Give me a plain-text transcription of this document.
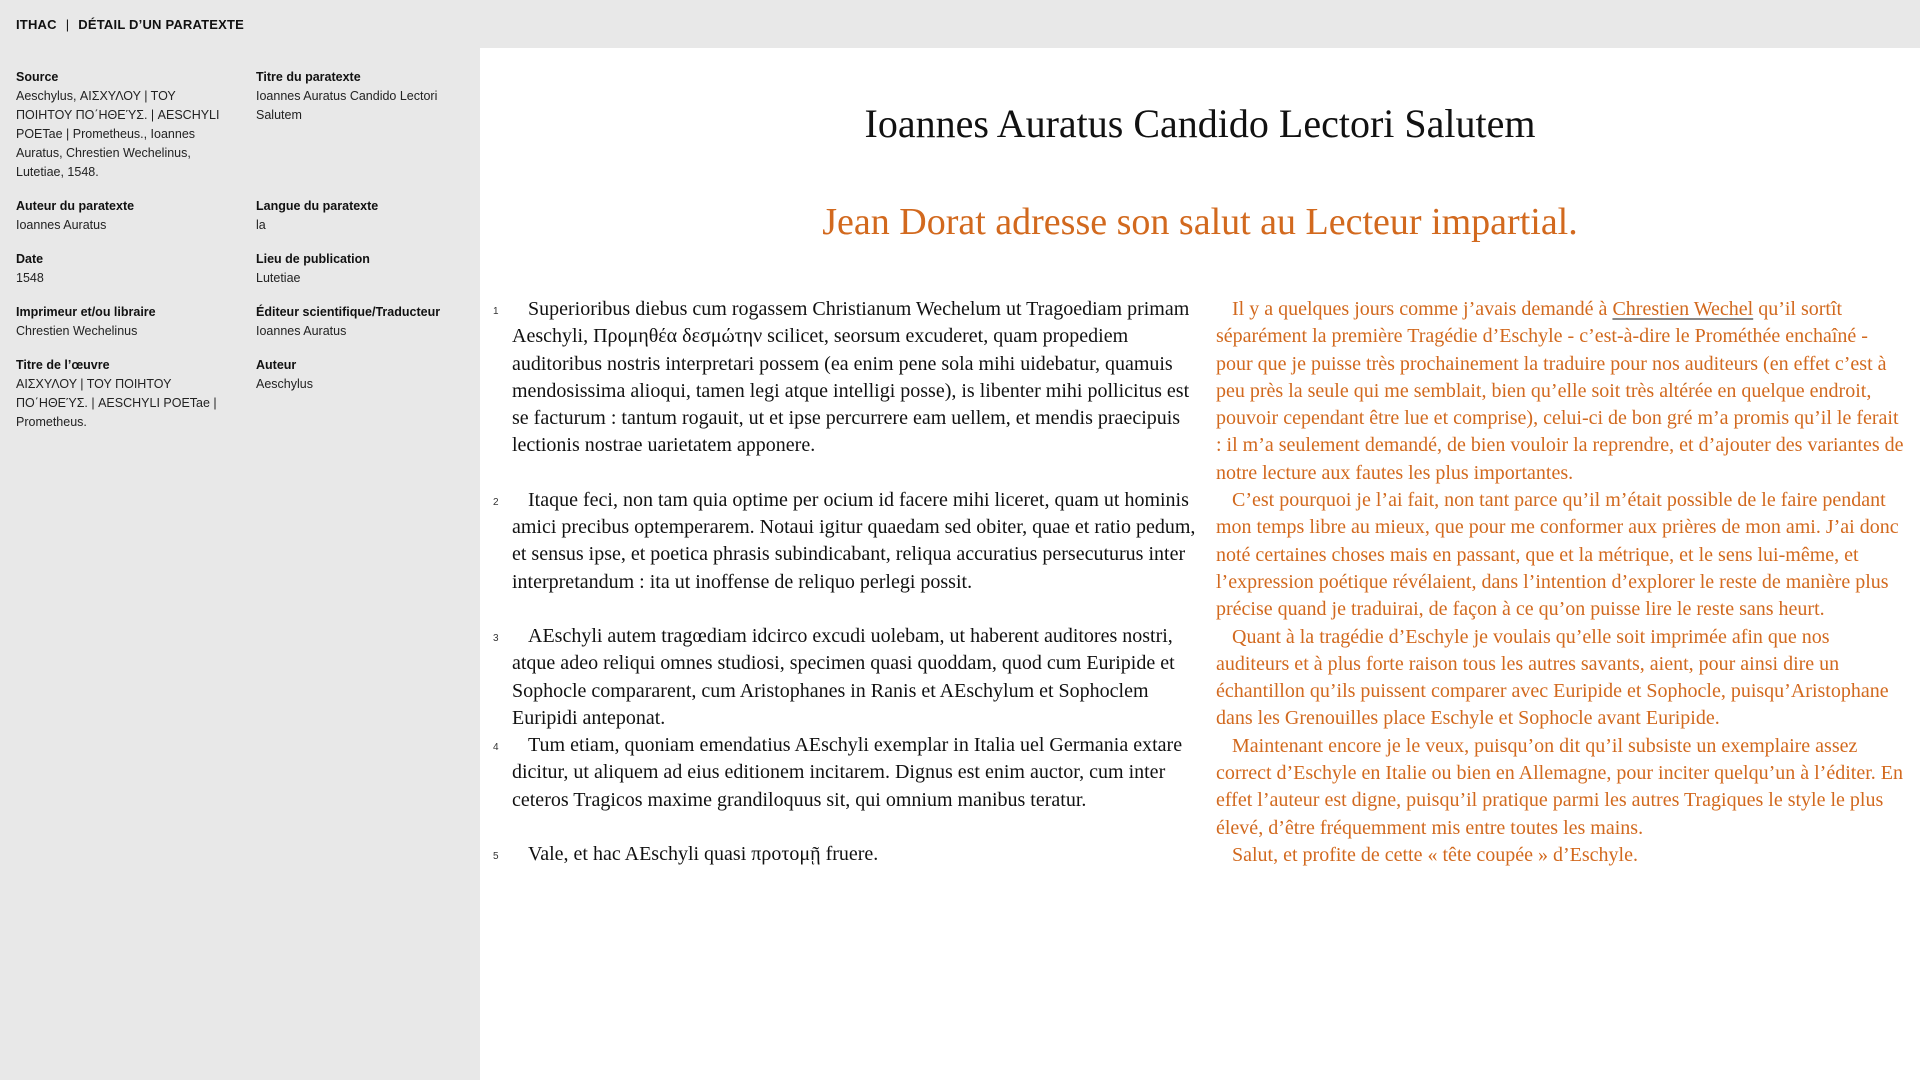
ITHAC | DÉTAIL D’UN PARATEXTE
Source
Aeschylus, ΑΙΣΧΥΛΟΥ | ΤΟΥ ΠΟΙΗΤΟΥ ΠΟ΄ΗΘΕΎΣ. | AESCHYLI POETae | Prometheus., Ioannes Auratus, Chrestien Wechelinus, Lutetiae, 1548.
Titre du paratexte
Ioannes Auratus Candido Lectori Salutem
Auteur du paratexte
Ioannes Auratus
Langue du paratexte
la
Date
1548
Lieu de publication
Lutetiae
Imprimeur et/ou libraire
Chrestien Wechelinus
Éditeur scientifique/Traducteur
Ioannes Auratus
Titre de l’œuvre
ΑΙΣΧΥΛΟΥ | ΤΟΥ ΠΟΙΗΤΟΥ ΠΟ΄ΗΘΕΎΣ. | AESCHYLI POETae | Prometheus.
Auteur
Aeschylus
Ioannes Auratus Candido Lectori Salutem
Jean Dorat adresse son salut au Lecteur impartial.

1	Superioribus diebus cum rogassem Christianum Wechelum ut Tragoediam primam Aeschyli, Προμηθέα δεσμώτην scilicet, seorsum excuderet, quam propediem auditoribus nostris interpretari possem (ea enim pene sola mihi uidebatur, quamuis mendosissima alioqui, tamen legi atque intelligi posse), is libenter mihi pollicitus est se facturum : tantum rogauit, ut et ipse percurrere eam uellem, et mendis praecipuis lectionis nostrae uarietatem apponere.

2	Itaque feci, non tam quia optime per ocium id facere mihi liceret, quam ut hominis amici precibus optemperarem. Notaui igitur quaedam sed obiter, quae et ratio pedum, et sensus ipse, et poetica phrasis subindicabant, reliqua accuratius persecuturus inter interpretandum : ita ut inoffense de reliquo perlegi possit.

3	AEschyli autem tragœdiam idcirco excudi uolebam, ut haberent auditores nostri, atque adeo reliqui omnes studiosi, specimen quasi quoddam, quod cum Euripide et Sophocle compararent, cum Aristophanes in Ranis et AEschylum et Sophoclem Euripidi anteponat.

4	Tum etiam, quoniam emendatius AEschyli exemplar in Italia uel Germania extare dicitur, ut aliquem ad eius editionem incitarem. Dignus est enim auctor, cum inter ceteros Tragicos maxime grandiloquus sit, qui omnium manibus teratur.

5	Vale, et hac AEschyli quasi προτομῇ fruere.

Il y a quelques jours comme j’avais demandé à Chrestien Wechel qu’il sortît séparément la première Tragédie d’Eschyle - c’est-à-dire le Prométhée enchaîné - pour que je puisse très prochainement la traduire pour nos auditeurs (en effet c’est à peu près la seule qui me semblait, bien qu’elle soit très altérée en quelque endroit, pouvoir cependant être lue et comprise), celui-ci de bon gré m’a promis qu’il le ferait : il m’a seulement demandé, de bien vouloir la reprendre, et d’ajouter des variantes de notre lecture aux fautes les plus importantes.

C’est pourquoi je l’ai fait, non tant parce qu’il m’était possible de le faire pendant mon temps libre au mieux, que pour me conformer aux prières de mon ami. J’ai donc noté certaines choses mais en passant, que et la métrique, et le sens lui-même, et l’expression poétique révélaient, dans l’intention d’explorer le reste de manière plus précise quand je traduirai, de façon à ce qu’on puisse lire le reste sans heurt.

Quant à la tragédie d’Eschyle je voulais qu’elle soit imprimée afin que nos auditeurs et à plus forte raison tous les autres savants, aient, pour ainsi dire un échantillon qu’ils puissent comparer avec Euripide et Sophocle, puisqu’Aristophane dans les Grenouilles place Eschyle et Sophocle avant Euripide.

Maintenant encore je le veux, puisqu’on dit qu’il subsiste un exemplaire assez correct d’Eschyle en Italie ou bien en Allemagne, pour inciter quelqu’un à l’éditer. En effet l’auteur est digne, puisqu’il pratique parmi les autres Tragiques le style le plus élevé, d’être fréquemment mis entre toutes les mains.

Salut, et profite de cette « tête coupée » d’Eschyle.
